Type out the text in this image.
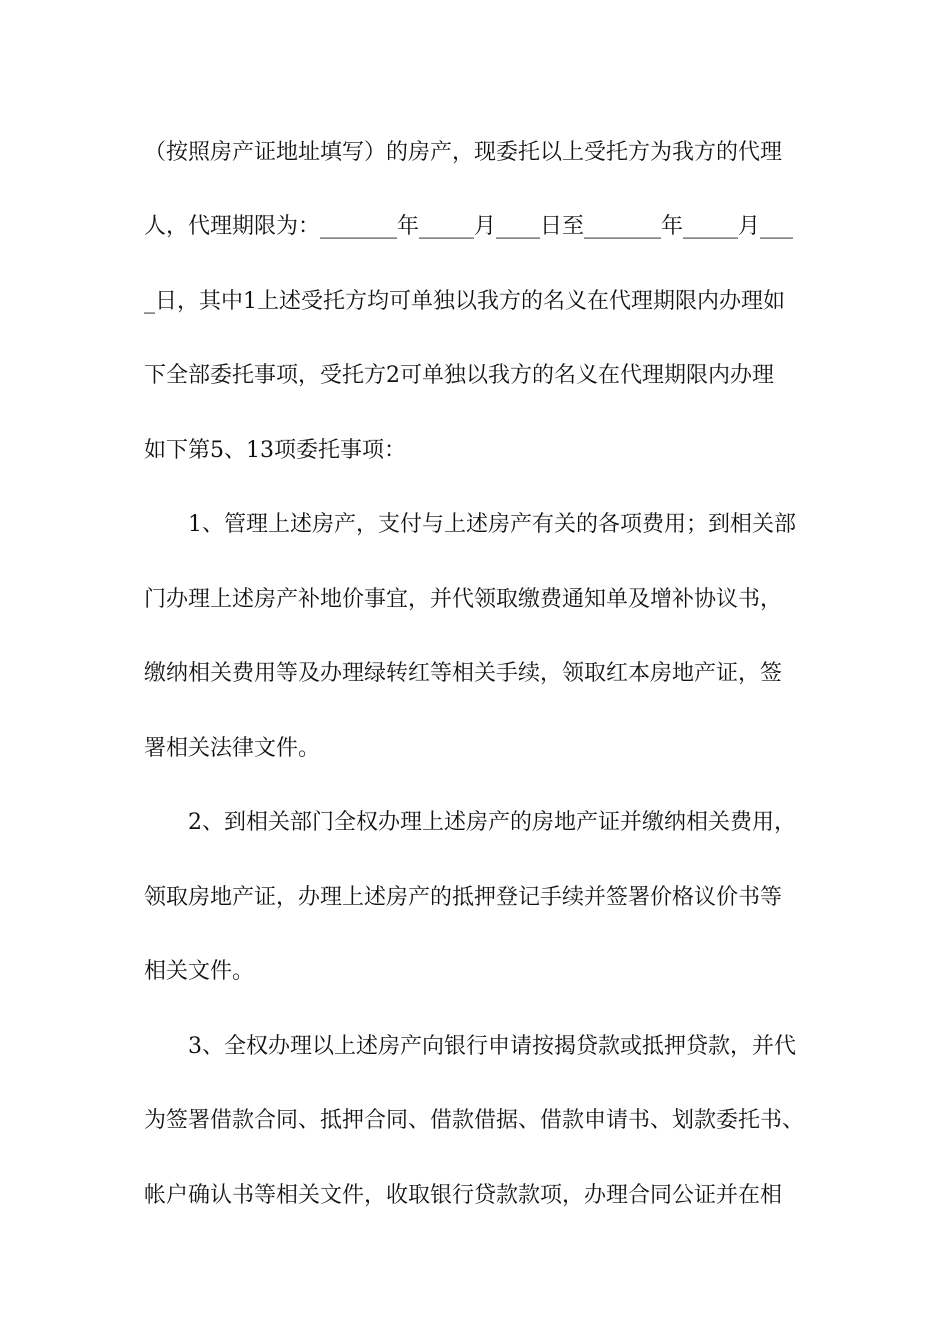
（按照房产证地址填写）的房产，现委托以上受托方为我方的代理
人，代理期限为：_______年_____月____日至_______年_____月___
_日，其中1上述受托方均可单独以我方的名义在代理期限内办理如
下全部委托事项，受托方2可单独以我方的名义在代理期限内办理
如下第5、13项委托事项：
1、管理上述房产，支付与上述房产有关的各项费用；到相关部
门办理上述房产补地价事宜，并代领取缴费通知单及增补协议书，
缴纳相关费用等及办理绿转红等相关手续，领取红本房地产证，签
署相关法律文件。
2、到相关部门全权办理上述房产的房地产证并缴纳相关费用，
领取房地产证，办理上述房产的抵押登记手续并签署价格议价书等
相关文件。
3、全权办理以上述房产向银行申请按揭贷款或抵押贷款，并代
为签署借款合同、抵押合同、借款借据、借款申请书、划款委托书、
帐户确认书等相关文件，收取银行贷款款项，办理合同公证并在相
